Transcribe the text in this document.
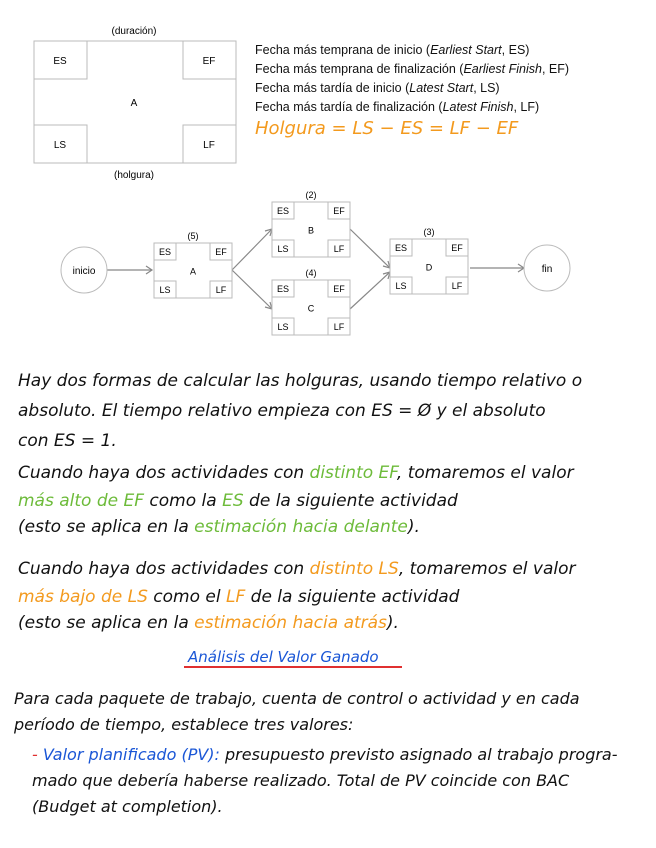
(duración)
(holgura)
ES	EF
LS	LF
A
inicio	fin
ES	EF
LS	LF
A
(5)
ES	EF
LS	LF
B
(2)
ES	EF
LS	LF
C
(4)
ES	EF
LS	LF
D
(3)
Fecha más temprana de inicio (Earliest Start, ES)
Fecha más temprana de finalización (Earliest Finish, EF)
Fecha más tardía de inicio (Latest Start, LS)
Fecha más tardía de finalización (Latest Finish, LF)
Holgura = LS − ES = LF − EF
Hay dos formas de calcular las holguras, usando tiempo relativo o
absoluto. El tiempo relativo empieza con ES = Ø y el absoluto
con ES = 1.
Cuando haya dos actividades con distinto EF, tomaremos el valor
más alto de EF como la ES de la siguiente actividad
(esto se aplica en la estimación hacia delante).
Cuando haya dos actividades con distinto LS, tomaremos el valor
más bajo de LS como el LF de la siguiente actividad
(esto se aplica en la estimación hacia atrás).
Análisis del Valor Ganado
Para cada paquete de trabajo, cuenta de control o actividad y en cada
período de tiempo, establece tres valores:
- Valor planificado (PV): presupuesto previsto asignado al trabajo progra-
mado que debería haberse realizado. Total de PV coincide con BAC
(Budget at completion).
